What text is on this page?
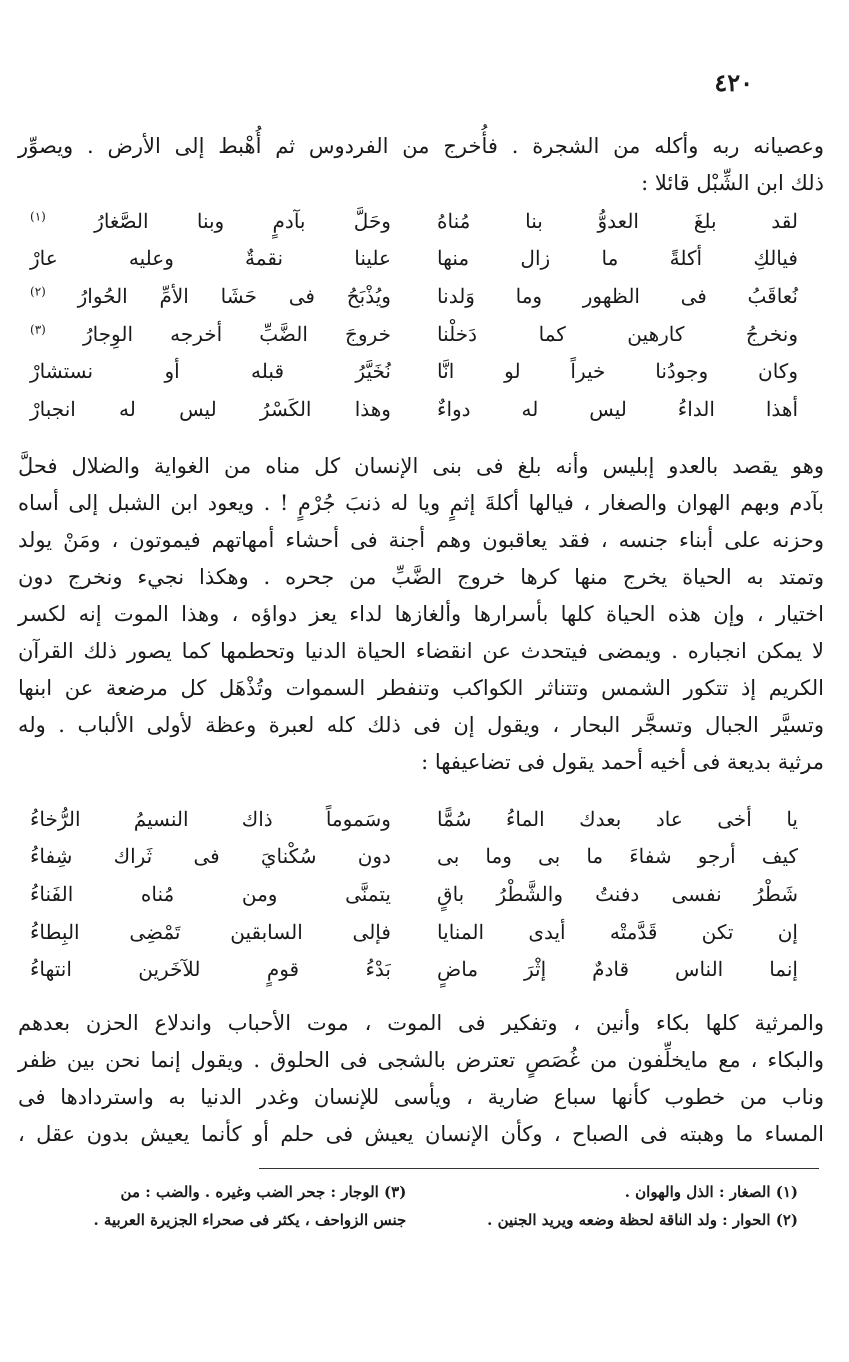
٤٢٠
وعصيانه ربه وأكله من الشجرة . فأُخرج من الفردوس ثم أُهْبط إلى الأرض . ويصوِّر
ذلك ابن الشِّبْل قائلا :
لقد بلغَ العدوُّ بنا مُناهُ
وحَلَّ بآدمٍ وبنا الصَّغارُ $^{(١)}$
فيالكِ أكلةً ما زال منها
علينا نقمةٌ وعليه عارْ
نُعاقَبُ فى الظهور وما وَلدنا
ويُذْبَحُ فى حَشَا الأمِّ الحُوارُ $^{(٢)}$
ونخرجُ كارهين كما دَخلْنا
خروجَ الضَّبِّ أخرجه الوِجارُ $^{(٣)}$
وكان وجودُنا خيراً لو انَّا
نُخَيَّرُ قبله أو نستشارْ
أهذا الداءُ ليس له دواءٌ
وهذا الكَسْرُ ليس له انجبارْ
وهو يقصد بالعدو إبليس وأنه بلغ فى بنى الإنسان كل مناه من الغواية والضلال فحلَّ
بآدم وبهم الهوان والصغار ، فيالها أكلةَ إثمٍ ويا له ذنبَ جُرْمٍ ! . ويعود ابن الشبل إلى أساه
وحزنه على أبناء جنسه ، فقد يعاقبون وهم أجنة فى أحشاء أمهاتهم فيموتون ، ومَنْ يولد
وتمتد به الحياة يخرج منها كرها خروج الضَّبِّ من جحره . وهكذا نجيء ونخرج دون
اختيار ، وإن هذه الحياة كلها بأسرارها وألغازها لداء يعز دواؤه ، وهذا الموت إنه لكسر
لا يمكن انجباره . ويمضى فيتحدث عن انقضاء الحياة الدنيا وتحطمها كما يصور ذلك القرآن
الكريم إذ تتكور الشمس وتتناثر الكواكب وتنفطر السموات وتُذْهَل كل مرضعة عن ابنها
وتسيَّر الجبال وتسجَّر البحار ، ويقول إن فى ذلك كله لعبرة وعظة لأولى الألباب . وله
مرثية بديعة فى أخيه أحمد يقول فى تضاعيفها :
يا أخى عاد بعدك الماءُ سُمًّا
وسَموماً ذاك النسيمُ الرُّخاءُ
كيف أرجو شفاءَ ما بى وما بى
دون سُكْنايَ فى ثَراك شِفاءُ
شَطْرُ نفسى دفنتُ والشَّطْرُ باقٍ
يتمنَّى ومن مُناه الفَناءُ
إن تكن قَدَّمتْه أيدى المنايا
فإلى السابقين تَمْضِى البِطاءُ
إنما الناس قادمٌ إثْرَ ماضٍ
بَدْءُ قومٍ للآخَرين انتهاءُ
والمرثية كلها بكاء وأنين ، وتفكير فى الموت ، موت الأحباب واندلاع الحزن بعدهم
والبكاء ، مع مايخلِّفون من غُصَصٍ تعترض بالشجى فى الحلوق . ويقول إنما نحن بين ظفر
وناب من خطوب كأنها سباع ضارية ، ويأسى للإنسان وغدر الدنيا به واستردادها فى
المساء ما وهبته فى الصباح ، وكأن الإنسان يعيش فى حلم أو كأنما يعيش بدون عقل ،
(١) الصغار : الذل والهوان .
(٣) الوجار : جحر الضب وغيره . والضب : من
(٢) الحوار : ولد الناقة لحظة وضعه ويريد الجنين .
جنس الزواحف ، يكثر فى صحراء الجزيرة العربية .
